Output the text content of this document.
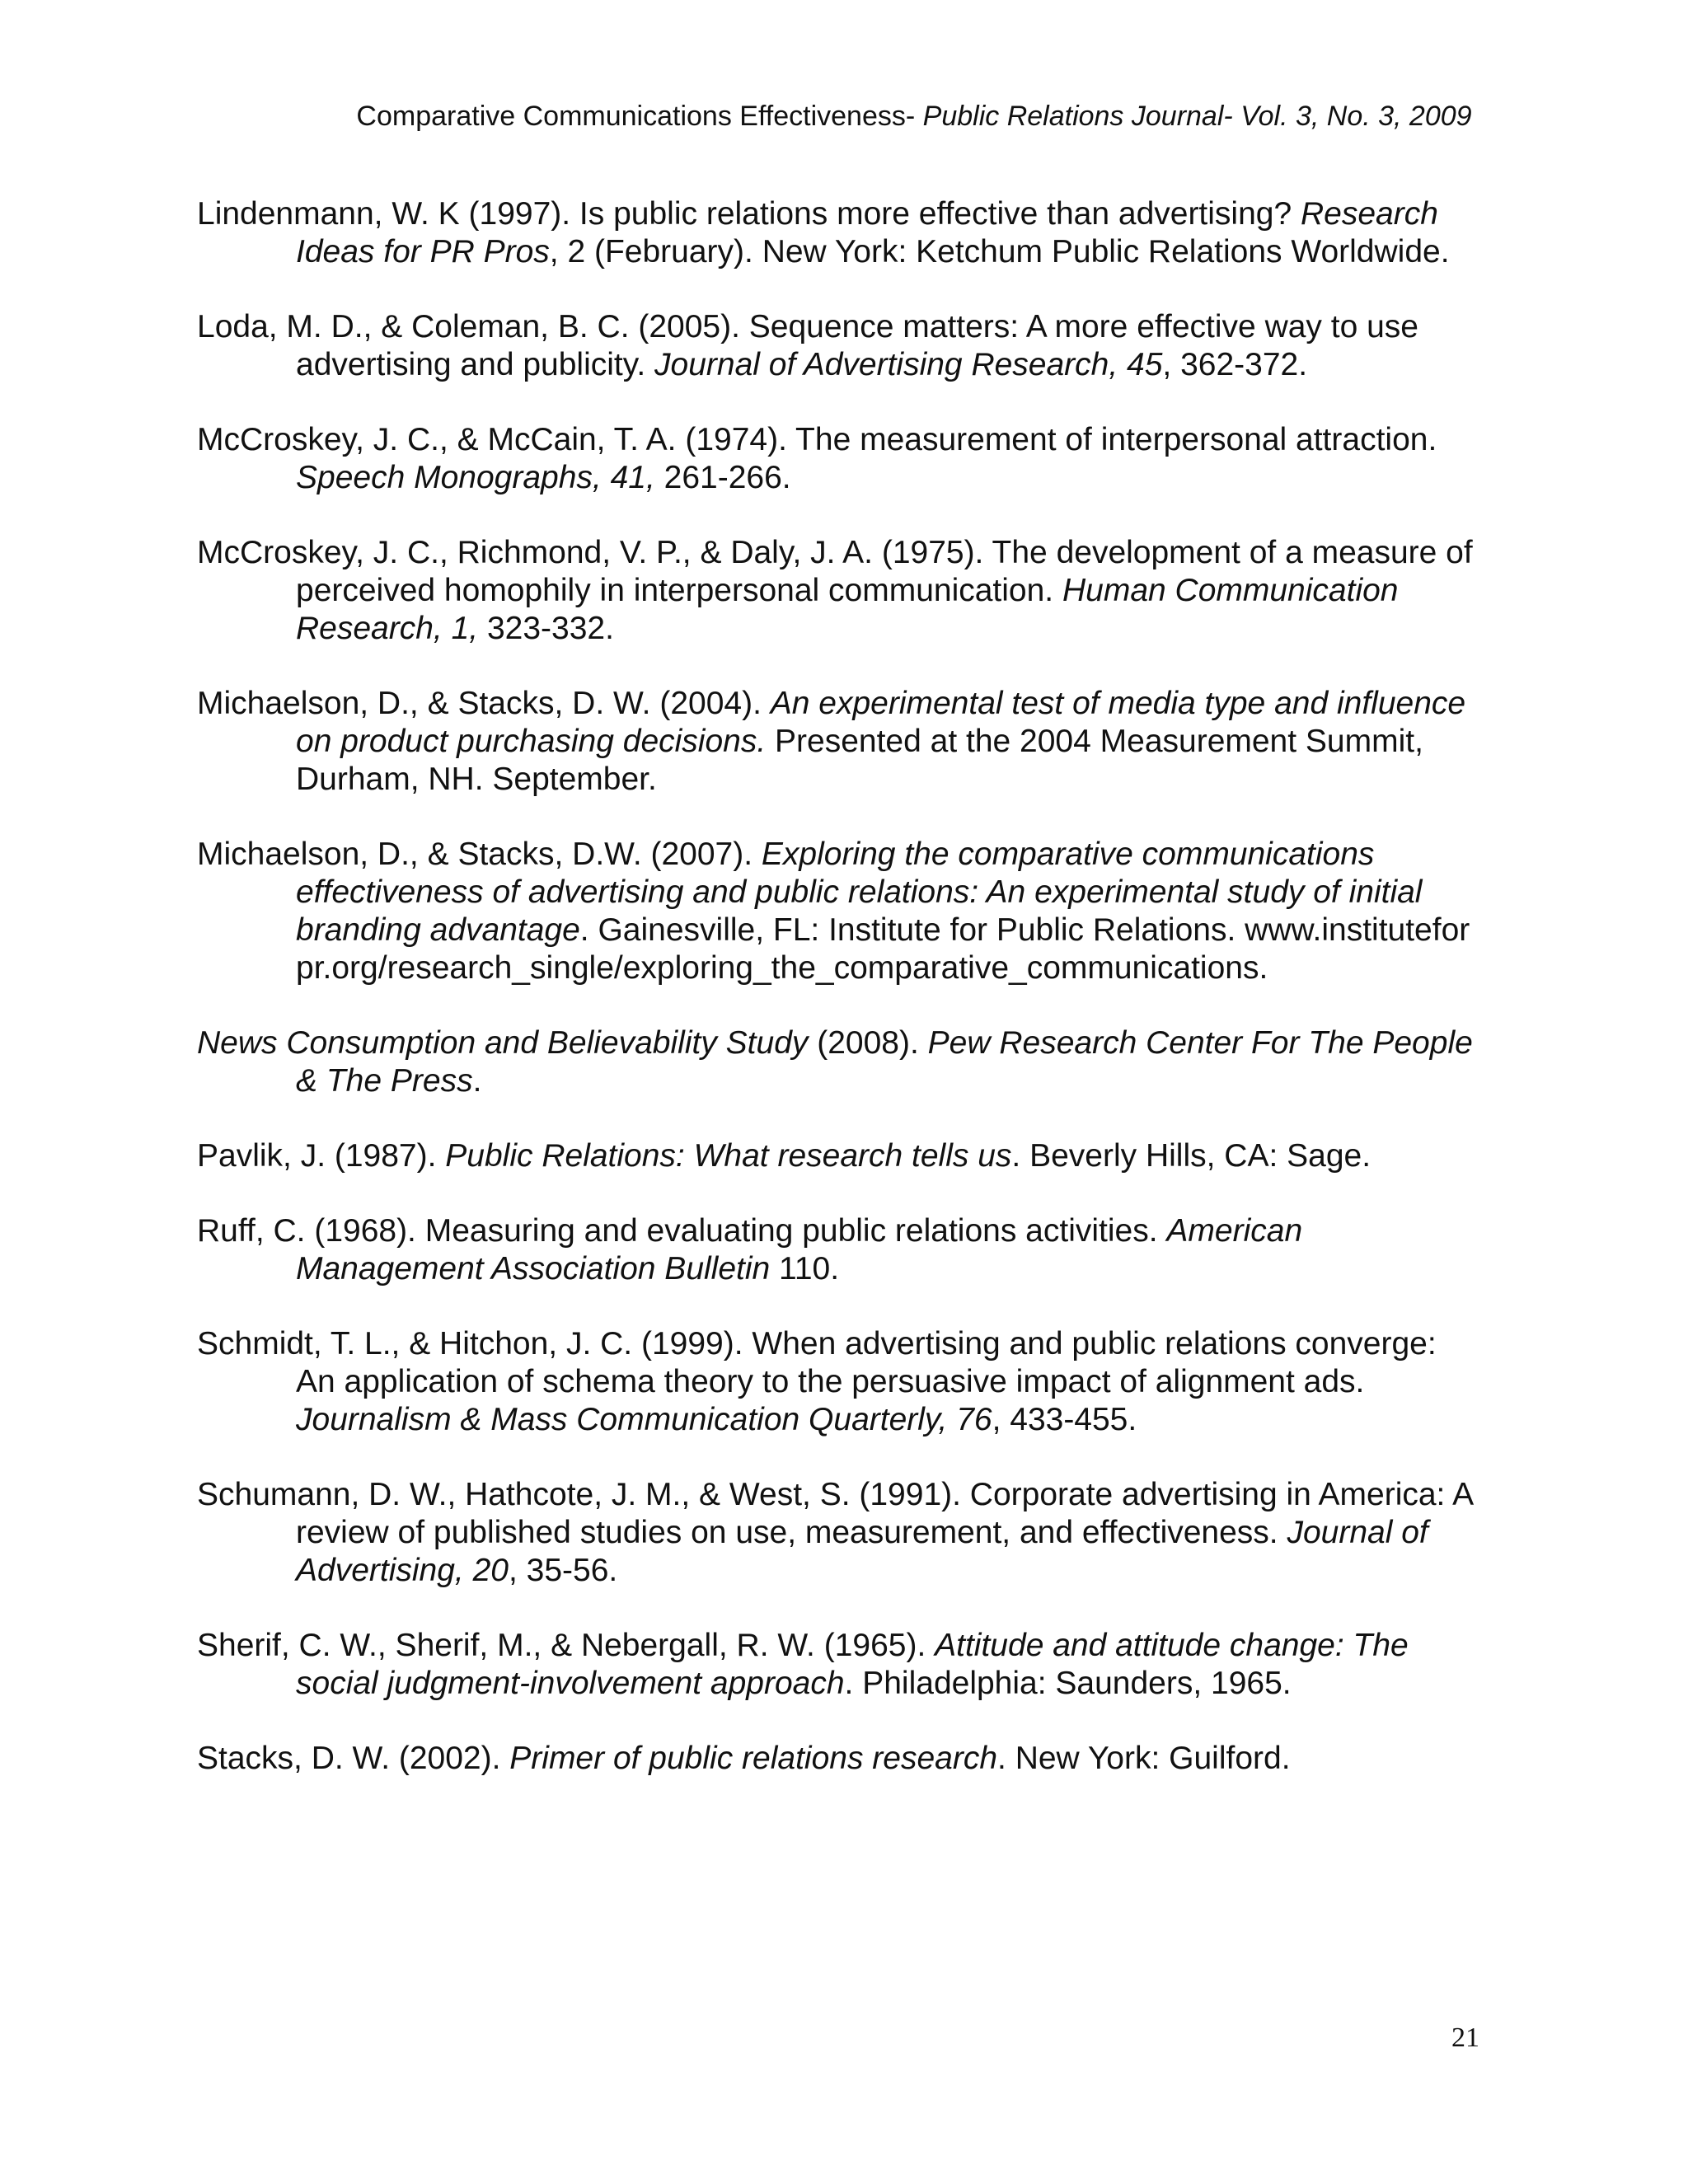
Comparative Communications Effectiveness- Public Relations Journal- Vol. 3, No. 3, 2009
Lindenmann, W. K (1997). Is public relations more effective than advertising? Research Ideas for PR Pros, 2 (February). New York: Ketchum Public Relations Worldwide.
Loda, M. D., & Coleman, B. C. (2005). Sequence matters: A more effective way to use advertising and publicity. Journal of Advertising Research, 45, 362-372.
McCroskey, J. C., & McCain, T. A. (1974). The measurement of interpersonal attraction. Speech Monographs, 41, 261-266.
McCroskey, J. C., Richmond, V. P., & Daly, J. A. (1975). The development of a measure of perceived homophily in interpersonal communication. Human Communication Research, 1, 323-332.
Michaelson, D., & Stacks, D. W. (2004). An experimental test of media type and influence on product purchasing decisions. Presented at the 2004 Measurement Summit, Durham, NH. September.
Michaelson, D., & Stacks, D.W. (2007). Exploring the comparative communications effectiveness of advertising and public relations: An experimental study of initial branding advantage. Gainesville, FL: Institute for Public Relations. www.instituteforpr.org/research_single/exploring_the_comparative_communications.
News Consumption and Believability Study (2008). Pew Research Center For The People & The Press.
Pavlik, J. (1987). Public Relations: What research tells us. Beverly Hills, CA: Sage.
Ruff, C. (1968). Measuring and evaluating public relations activities. American Management Association Bulletin 110.
Schmidt, T. L., & Hitchon, J. C. (1999). When advertising and public relations converge: An application of schema theory to the persuasive impact of alignment ads. Journalism & Mass Communication Quarterly, 76, 433-455.
Schumann, D. W., Hathcote, J. M., & West, S. (1991). Corporate advertising in America: A review of published studies on use, measurement, and effectiveness. Journal of Advertising, 20, 35-56.
Sherif, C. W., Sherif, M., & Nebergall, R. W. (1965). Attitude and attitude change: The social judgment-involvement approach. Philadelphia: Saunders, 1965.
Stacks, D. W. (2002). Primer of public relations research. New York: Guilford.
21
